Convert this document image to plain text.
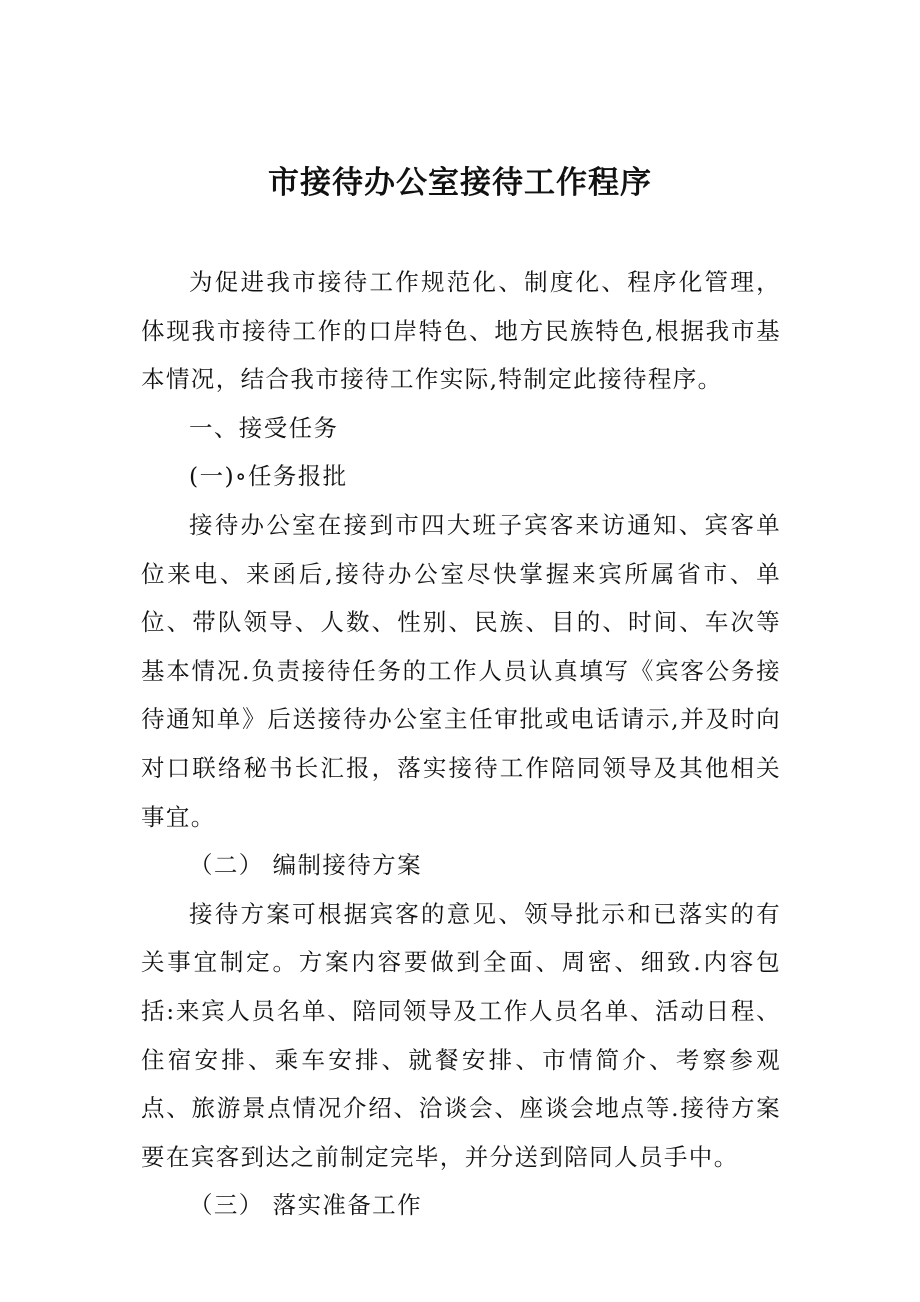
市接待办公室接待工作程序

为促进我市接待工作规范化、制度化、程序化管理，体现我市接待工作的口岸特色、地方民族特色,根据我市基本情况，结合我市接待工作实际,特制定此接待程序。

一、接受任务

(一)∘任务报批

接待办公室在接到市四大班子宾客来访通知、宾客单位来电、来函后,接待办公室尽快掌握来宾所属省市、单位、带队领导、人数、性别、民族、目的、时间、车次等基本情况.负责接待任务的工作人员认真填写《宾客公务接待通知单》后送接待办公室主任审批或电话请示,并及时向对口联络秘书长汇报，落实接待工作陪同领导及其他相关事宜。

（二） 编制接待方案

接待方案可根据宾客的意见、领导批示和已落实的有关事宜制定。方案内容要做到全面、周密、细致.内容包括:来宾人员名单、陪同领导及工作人员名单、活动日程、住宿安排、乘车安排、就餐安排、市情简介、考察参观点、旅游景点情况介绍、洽谈会、座谈会地点等.接待方案要在宾客到达之前制定完毕，并分送到陪同人员手中。

（三） 落实准备工作
